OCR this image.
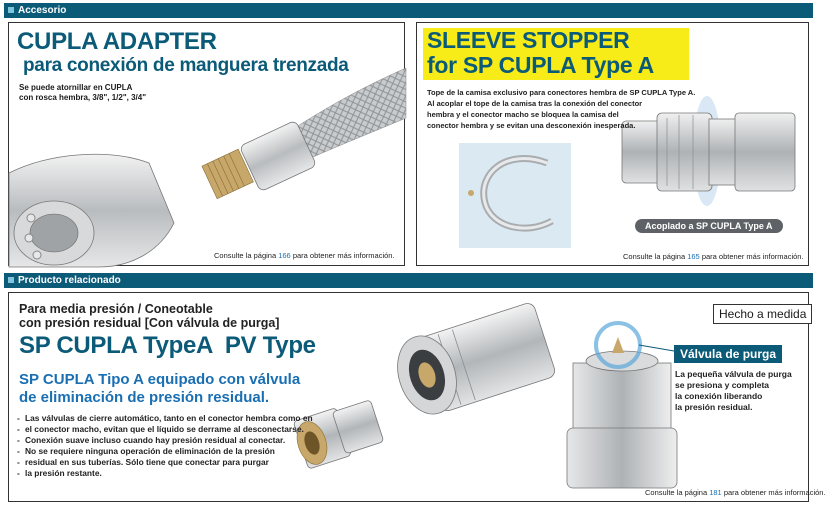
Accesorio
CUPLA ADAPTER
para conexión de manguera trenzada
Se puede atornillar en CUPLA
con rosca hembra, 3/8", 1/2", 3/4"
Consulte la página 166 para obtener más información.
SLEEVE STOPPER
for SP CUPLA Type A
Tope de la camisa exclusivo para conectores hembra de SP CUPLA Type A.
Al acoplar el tope de la camisa tras la conexión del conector
hembra y el conector macho se bloquea la camisa del
conector hembra y se evitan una desconexión inesperada.
Acoplado a SP CUPLA Type A
Consulte la página 165 para obtener más información.
Producto relacionado
Para media presión / Coneotable
con presión residual [Con válvula de purga]
SP CUPLA TypeA  PV Type
SP CUPLA Tipo A equipado con válvula
de eliminación de presión residual.
- Las válvulas de cierre automático, tanto en el conector hembra como en
- el conector macho, evitan que el líquido se derrame al desconectarse.
- Conexión suave incluso cuando hay presión residual al conectar.
- No se requiere ninguna operación de eliminación de la presión
- residual en sus tuberías. Sólo tiene que conectar para purgar
- la presión restante.
Hecho a medida
Válvula de purga
La pequeña válvula de purga
se presiona y completa
la conexión liberando
la presión residual.
Consulte la página 181 para obtener más información.
